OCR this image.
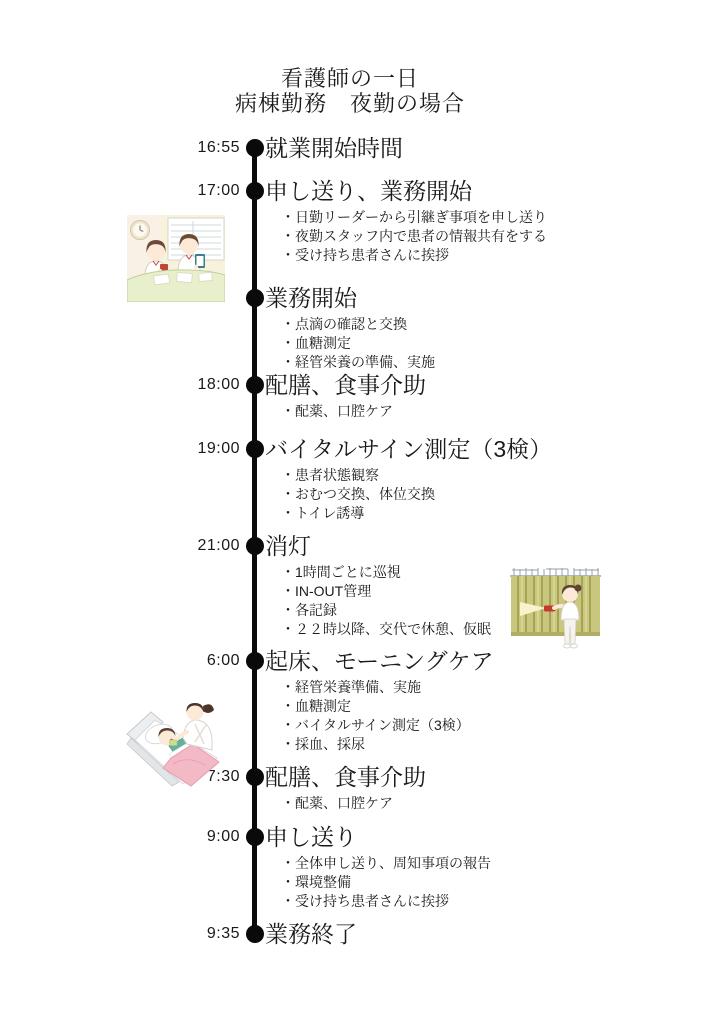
看護師の一日
病棟勤務　夜勤の場合
16:55 就業開始時間
17:00 申し送り、業務開始
・ 日勤リーダーから引継ぎ事項を申し送り
・ 夜勤スタッフ内で患者の情報共有をする
・ 受け持ち患者さんに挨拶
業務開始
・ 点滴の確認と交換
・ 血糖測定
・ 経管栄養の準備、実施
18:00 配膳、食事介助
・ 配薬、口腔ケア
19:00 バイタルサイン測定（3検）
・ 患者状態観察
・ おむつ交換、体位交換
・ トイレ誘導
21:00 消灯
・ 1時間ごとに巡視
・ IN-OUT管理
・ 各記録
・ ２２時以降、交代で休憩、仮眠
6:00 起床、モーニングケア
・ 経管栄養準備、実施
・ 血糖測定
・ バイタルサイン測定（3検）
・ 採血、採尿
7:30 配膳、食事介助
・ 配薬、口腔ケア
9:00 申し送り
・ 全体申し送り、周知事項の報告
・ 環境整備
・ 受け持ち患者さんに挨拶
9:35 業務終了
